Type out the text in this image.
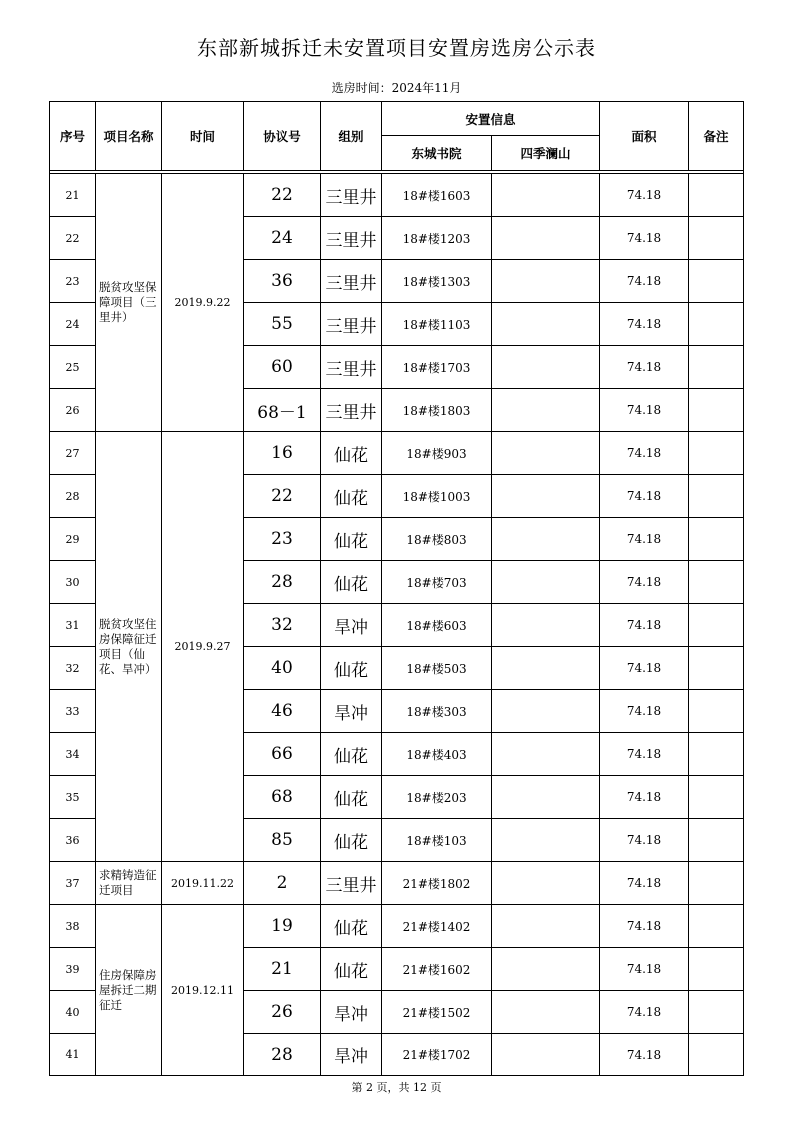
东部新城拆迁未安置项目安置房选房公示表
选房时间：2024年11月
序号	项目名称	时间	协议号	组别	安置信息		面积	备注
					东城书院	四季澜山		

21	脱贫攻坚保障项目（三里井）	2019.9.22	22	三里井	18#楼1603		74.18	
22			24	三里井	18#楼1203		74.18	
23			36	三里井	18#楼1303		74.18	
24			55	三里井	18#楼1103		74.18	
25			60	三里井	18#楼1703		74.18	
26			68－1	三里井	18#楼1803		74.18	
27	脱贫攻坚住房保障征迁项目（仙花、旱冲）	2019.9.27	16	仙花	18#楼903		74.18	
28			22	仙花	18#楼1003		74.18	
29			23	仙花	18#楼803		74.18	
30			28	仙花	18#楼703		74.18	
31			32	旱冲	18#楼603		74.18	
32			40	仙花	18#楼503		74.18	
33			46	旱冲	18#楼303		74.18	
34			66	仙花	18#楼403		74.18	
35			68	仙花	18#楼203		74.18	
36			85	仙花	18#楼103		74.18	
37	求精铸造征迁项目	2019.11.22	2	三里井	21#楼1802		74.18	
38	住房保障房屋拆迁二期征迁	2019.12.11	19	仙花	21#楼1402		74.18	
39			21	仙花	21#楼1602		74.18	
40			26	旱冲	21#楼1502		74.18	
41			28	旱冲	21#楼1702		74.18	
第 2 页，共 12 页
